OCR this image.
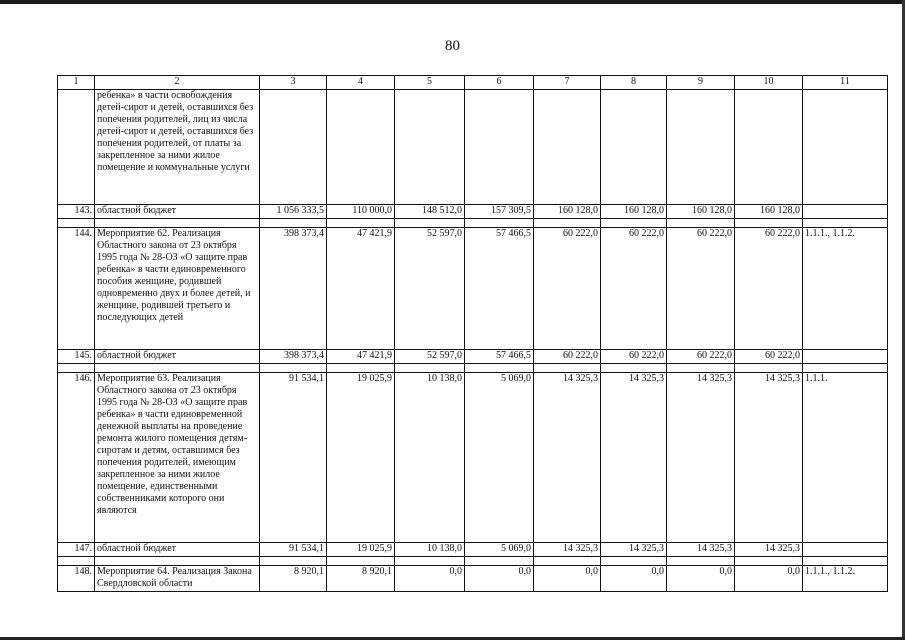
80
1	2	3	4	5	6	7	8	9	10	11
	ребенка» в части освобождения детей-сирот и детей, оставшихся без попечения родителей, лиц из числа детей-сирот и детей, оставшихся без попечения родителей, от платы за закрепленное за ними жилое помещение и коммунальные услуги									
143.	областной бюджет	1 056 333,5	110 000,0	148 512,0	157 309,5	160 128,0	160 128,0	160 128,0	160 128,0	

144.	Мероприятие 62. Реализация Областного закона от 23 октября 1995 года № 28-ОЗ «О защите прав ребенка» в части единовременного пособия женщине, родившей одновременно двух и более детей, и женщине, родившей третьего и последующих детей	398 373,4	47 421,9	52 597,0	57 466,5	60 222,0	60 222,0	60 222,0	60 222,0	1.1.1., 1.1.2.
145.	областной бюджет	398 373,4	47 421,9	52 597,0	57 466,5	60 222,0	60 222,0	60 222,0	60 222,0	

146.	Мероприятие 63. Реализация Областного закона от 23 октября 1995 года № 28-ОЗ «О защите прав ребенка» в части единовременной денежной выплаты на проведение ремонта жилого помещения детям-сиротам и детям, оставшимся без попечения родителей, имеющим закрепленное за ними жилое помещение, единственными собственниками которого они являются	91 534,1	19 025,9	10 138,0	5 069,0	14 325,3	14 325,3	14 325,3	14 325,3	1.1.1.
147.	областной бюджет	91 534,1	19 025,9	10 138,0	5 069,0	14 325,3	14 325,3	14 325,3	14 325,3	

148.	Мероприятие 64. Реализация Закона Свердловской области	8 920,1	8 920,1	0,0	0,0	0,0	0,0	0,0	0,0	1.1.1., 1.1.2.
